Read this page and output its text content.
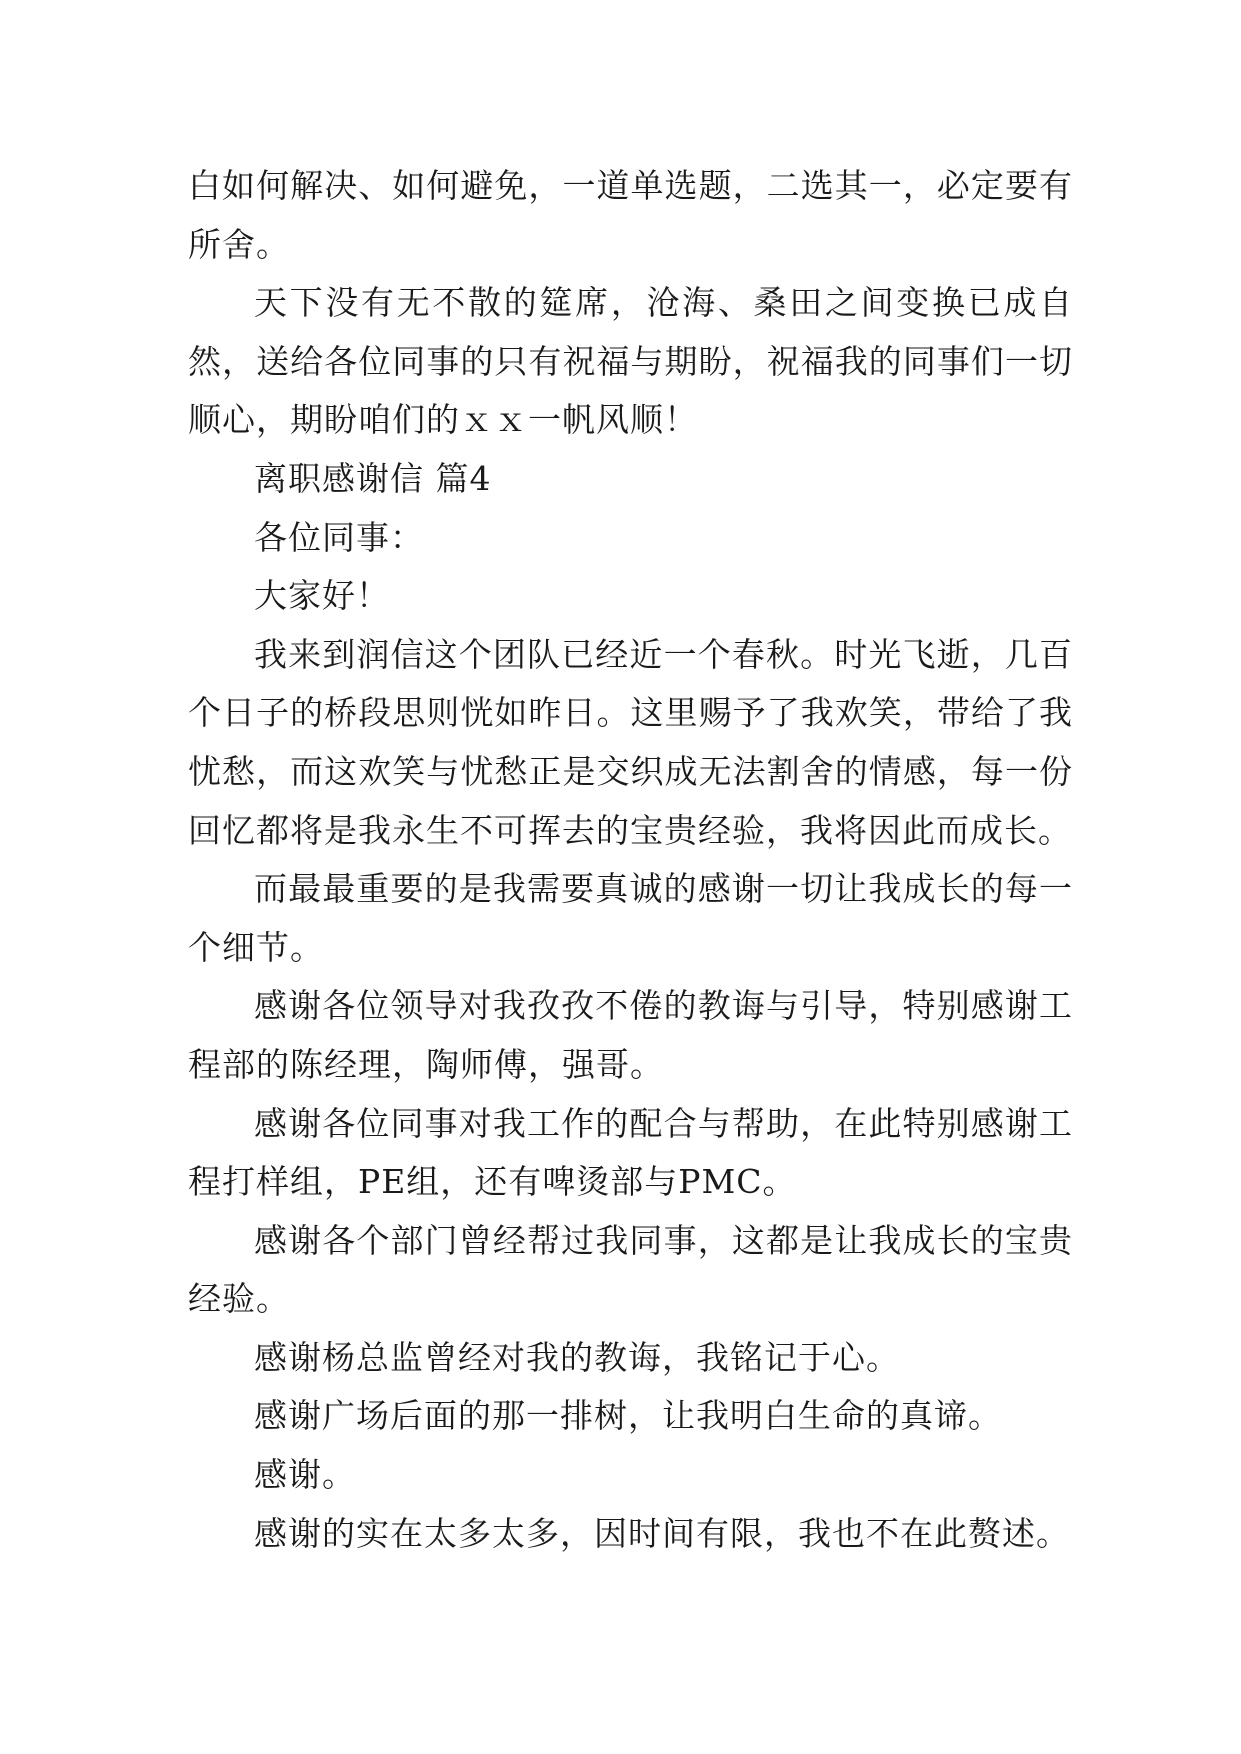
白如何解决、如何避免，一道单选题，二选其一，必定要有所舍。

天下没有无不散的筵席，沧海、桑田之间变换已成自然，送给各位同事的只有祝福与期盼，祝福我的同事们一切顺心，期盼咱们的ｘｘ一帆风顺！

离职感谢信 篇4

各位同事：

大家好！

我来到润信这个团队已经近一个春秋。时光飞逝，几百个日子的桥段思则恍如昨日。这里赐予了我欢笑，带给了我忧愁，而这欢笑与忧愁正是交织成无法割舍的情感，每一份回忆都将是我永生不可挥去的宝贵经验，我将因此而成长。

而最最重要的是我需要真诚的感谢一切让我成长的每一个细节。

感谢各位领导对我孜孜不倦的教诲与引导，特别感谢工程部的陈经理，陶师傅，强哥。

感谢各位同事对我工作的配合与帮助，在此特别感谢工程打样组，PE组，还有啤烫部与PMC。

感谢各个部门曾经帮过我同事，这都是让我成长的宝贵经验。

感谢杨总监曾经对我的教诲，我铭记于心。

感谢广场后面的那一排树，让我明白生命的真谛。

感谢。

感谢的实在太多太多，因时间有限，我也不在此赘述。
